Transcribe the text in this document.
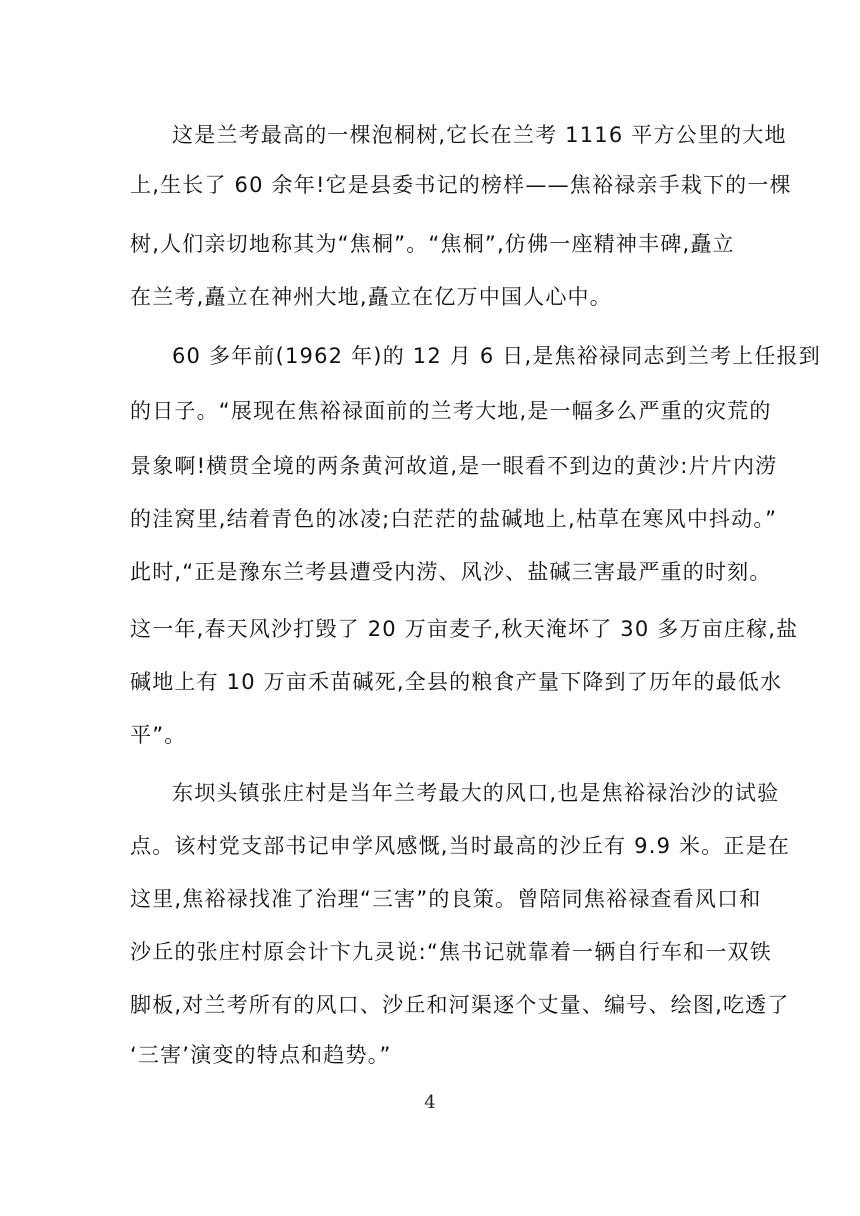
这是兰考最高的一棵泡桐树,它长在兰考 1116 平方公里的大地
上,生长了 60 余年!它是县委书记的榜样——焦裕禄亲手栽下的一棵
树,人们亲切地称其为“焦桐”。“焦桐”,仿佛一座精神丰碑,矗立
在兰考,矗立在神州大地,矗立在亿万中国人心中。
60 多年前(1962 年)的 12 月 6 日,是焦裕禄同志到兰考上任报到
的日子。“展现在焦裕禄面前的兰考大地,是一幅多么严重的灾荒的
景象啊!横贯全境的两条黄河故道,是一眼看不到边的黄沙:片片内涝
的洼窝里,结着青色的冰凌;白茫茫的盐碱地上,枯草在寒风中抖动。”
此时,“正是豫东兰考县遭受内涝、风沙、盐碱三害最严重的时刻。
这一年,春天风沙打毁了 20 万亩麦子,秋天淹坏了 30 多万亩庄稼,盐
碱地上有 10 万亩禾苗碱死,全县的粮食产量下降到了历年的最低水
平”。
东坝头镇张庄村是当年兰考最大的风口,也是焦裕禄治沙的试验
点。该村党支部书记申学风感慨,当时最高的沙丘有 9.9 米。正是在
这里,焦裕禄找准了治理“三害”的良策。曾陪同焦裕禄查看风口和
沙丘的张庄村原会计卞九灵说:“焦书记就靠着一辆自行车和一双铁
脚板,对兰考所有的风口、沙丘和河渠逐个丈量、编号、绘图,吃透了
‘三害’演变的特点和趋势。”
4
